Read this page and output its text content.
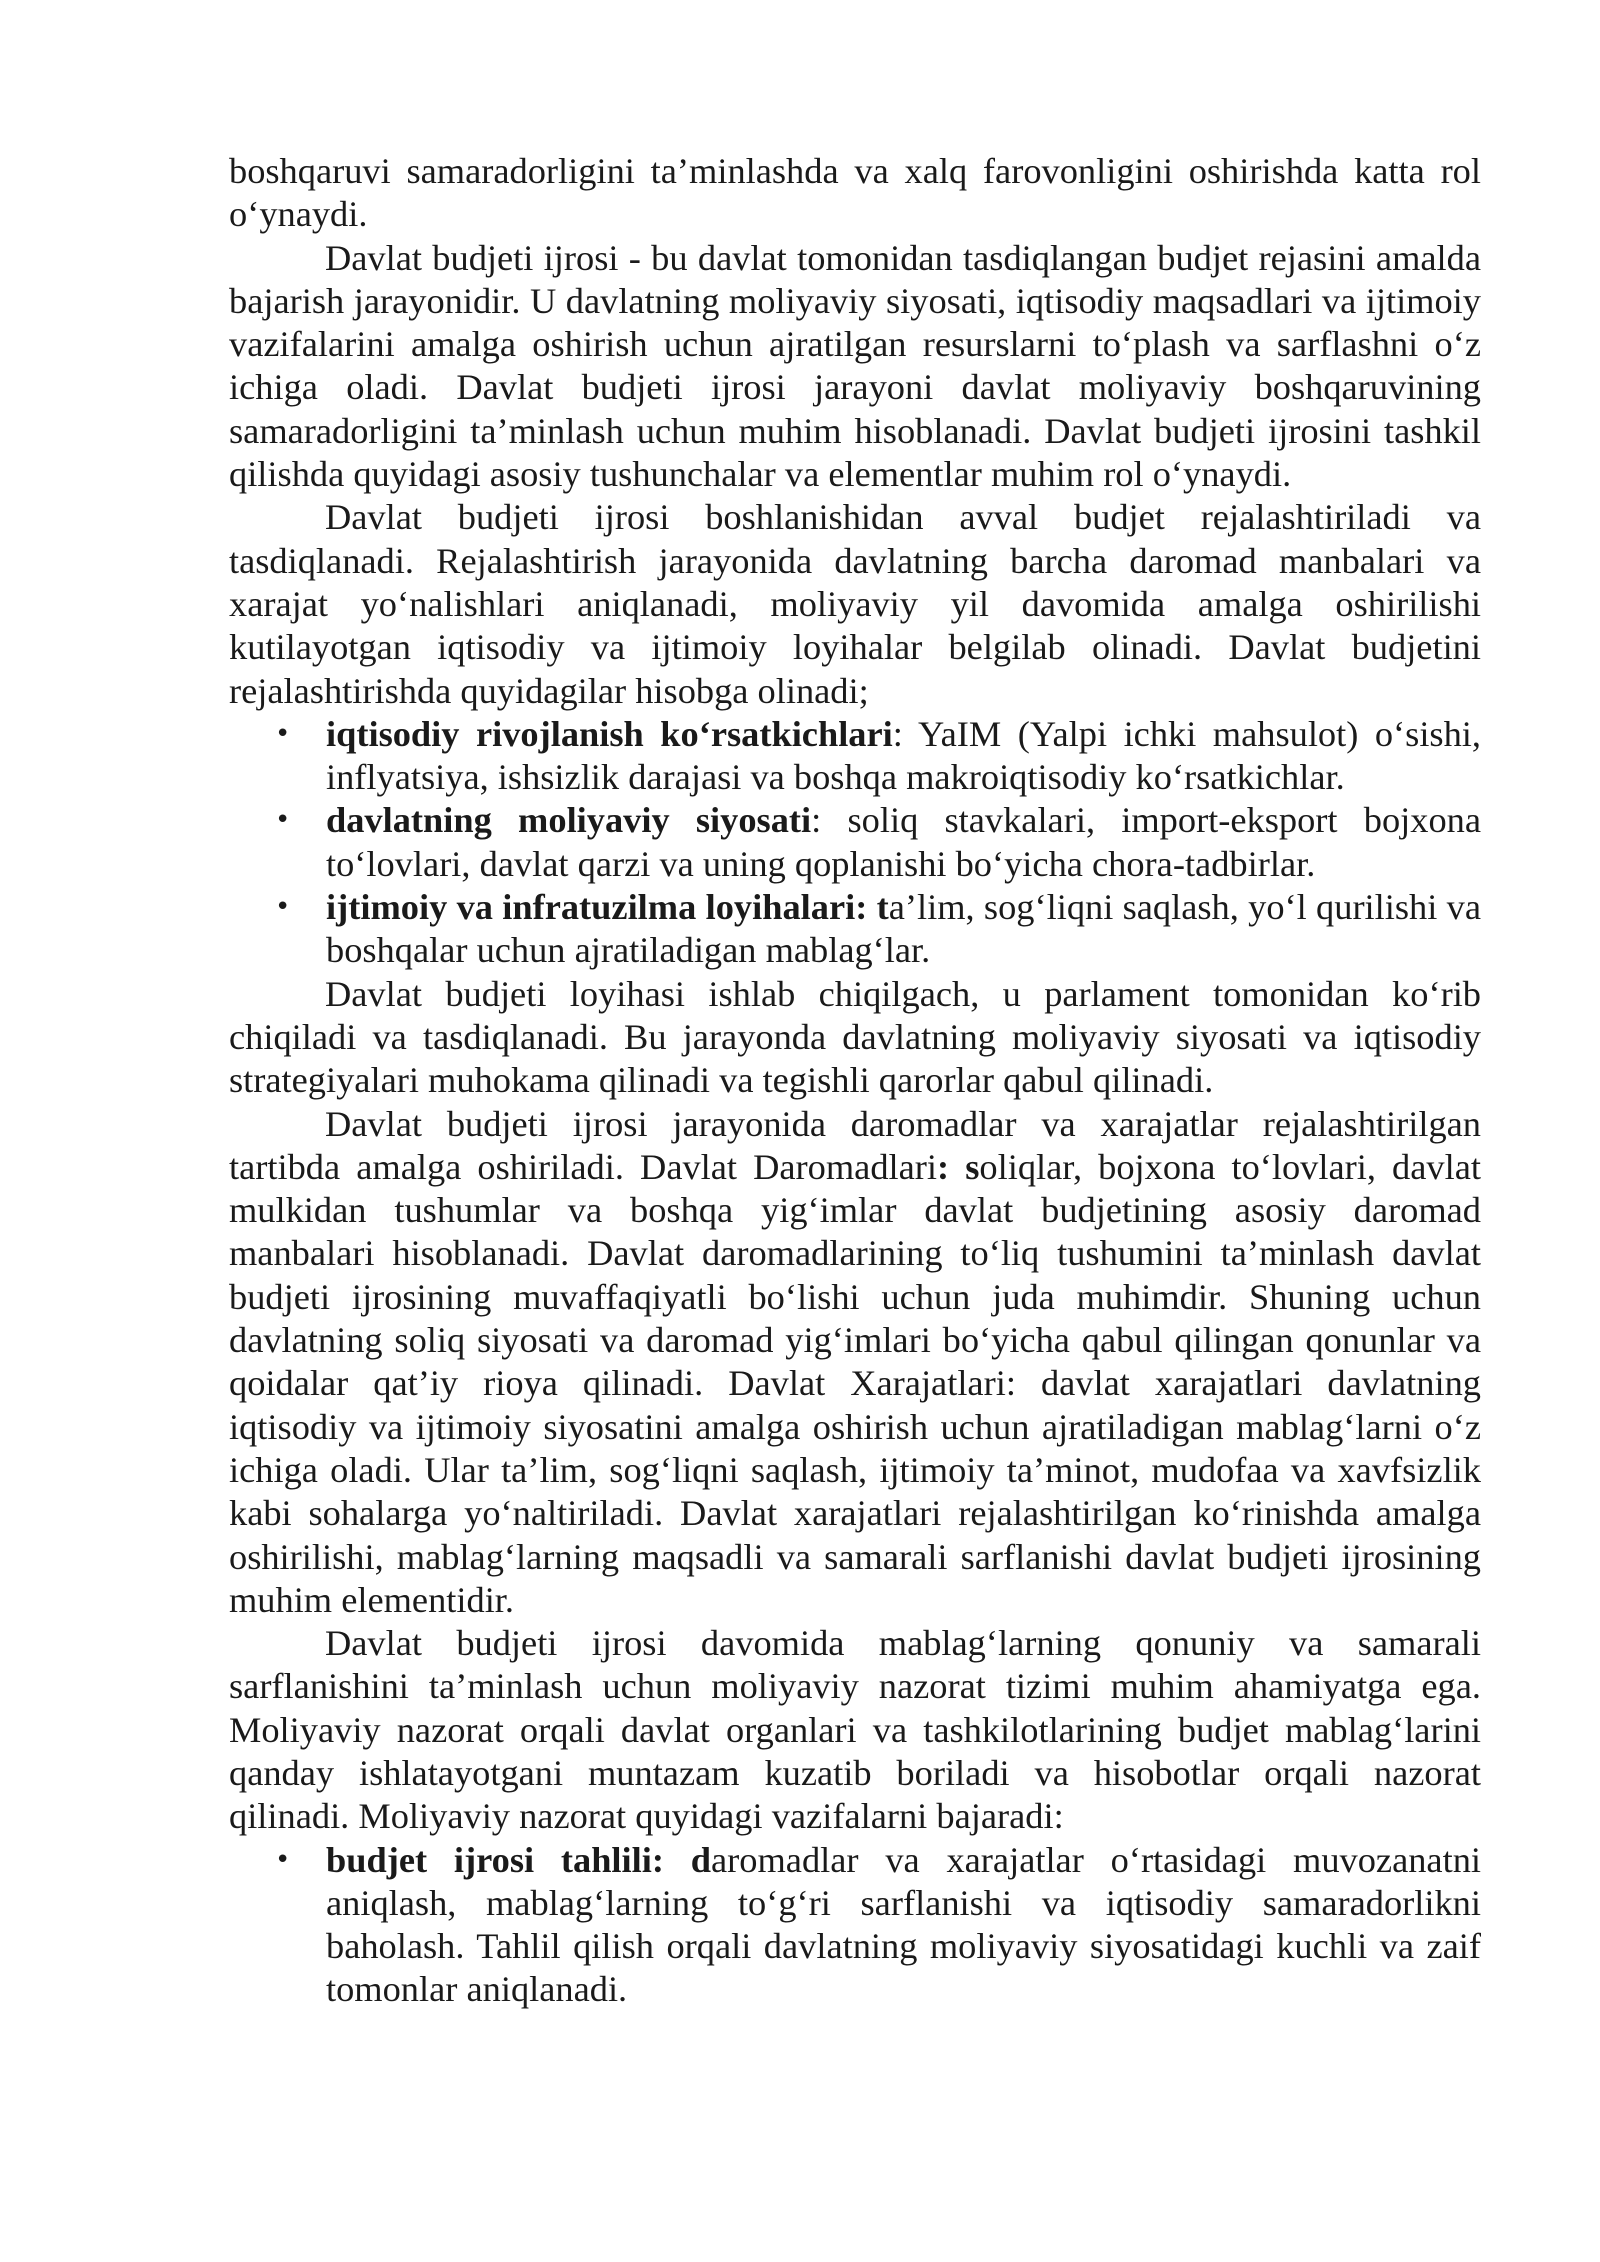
boshqaruvi samaradorligini ta’minlashda va xalq farovonligini oshirishda katta rol o‘ynaydi.

Davlat budjeti ijrosi - bu davlat tomonidan tasdiqlangan budjet rejasini amalda bajarish jarayonidir. U davlatning moliyaviy siyosati, iqtisodiy maqsadlari va ijtimoiy vazifalarini amalga oshirish uchun ajratilgan resurslarni to‘plash va sarflashni o‘z ichiga oladi. Davlat budjeti ijrosi jarayoni davlat moliyaviy boshqaruvining samaradorligini ta’minlash uchun muhim hisoblanadi. Davlat budjeti ijrosini tashkil qilishda quyidagi asosiy tushunchalar va elementlar muhim rol o‘ynaydi.

Davlat budjeti ijrosi boshlanishidan avval budjet rejalashtiriladi va tasdiqlanadi. Rejalashtirish jarayonida davlatning barcha daromad manbalari va xarajat yo‘nalishlari aniqlanadi, moliyaviy yil davomida amalga oshirilishi kutilayotgan iqtisodiy va ijtimoiy loyihalar belgilab olinadi. Davlat budjetini rejalashtirishda quyidagilar hisobga olinadi;

• iqtisodiy rivojlanish ko‘rsatkichlari: YaIM (Yalpi ichki mahsulot) o‘sishi, inflyatsiya, ishsizlik darajasi va boshqa makroiqtisodiy ko‘rsatkichlar.
• davlatning moliyaviy siyosati: soliq stavkalari, import-eksport bojxona to‘lovlari, davlat qarzi va uning qoplanishi bo‘yicha chora-tadbirlar.
• ijtimoiy va infratuzilma loyihalari: ta’lim, sog‘liqni saqlash, yo‘l qurilishi va boshqalar uchun ajratiladigan mablag‘lar.

Davlat budjeti loyihasi ishlab chiqilgach, u parlament tomonidan ko‘rib chiqiladi va tasdiqlanadi. Bu jarayonda davlatning moliyaviy siyosati va iqtisodiy strategiyalari muhokama qilinadi va tegishli qarorlar qabul qilinadi.

Davlat budjeti ijrosi jarayonida daromadlar va xarajatlar rejalashtirilgan tartibda amalga oshiriladi. Davlat Daromadlari: soliqlar, bojxona to‘lovlari, davlat mulkidan tushumlar va boshqa yig‘imlar davlat budjetining asosiy daromad manbalari hisoblanadi. Davlat daromadlarining to‘liq tushumini ta’minlash davlat budjeti ijrosining muvaffaqiyatli bo‘lishi uchun juda muhimdir. Shuning uchun davlatning soliq siyosati va daromad yig‘imlari bo‘yicha qabul qilingan qonunlar va qoidalar qat’iy rioya qilinadi. Davlat Xarajatlari: davlat xarajatlari davlatning iqtisodiy va ijtimoiy siyosatini amalga oshirish uchun ajratiladigan mablag‘larni o‘z ichiga oladi. Ular ta’lim, sog‘liqni saqlash, ijtimoiy ta’minot, mudofaa va xavfsizlik kabi sohalarga yo‘naltiriladi. Davlat xarajatlari rejalashtirilgan ko‘rinishda amalga oshirilishi, mablag‘larning maqsadli va samarali sarflanishi davlat budjeti ijrosining muhim elementidir.

Davlat budjeti ijrosi davomida mablag‘larning qonuniy va samarali sarflanishini ta’minlash uchun moliyaviy nazorat tizimi muhim ahamiyatga ega. Moliyaviy nazorat orqali davlat organlari va tashkilotlarining budjet mablag‘larini qanday ishlatayotgani muntazam kuzatib boriladi va hisobotlar orqali nazorat qilinadi. Moliyaviy nazorat quyidagi vazifalarni bajaradi:

• budjet ijrosi tahlili: daromadlar va xarajatlar o‘rtasidagi muvozanatni aniqlash, mablag‘larning to‘g‘ri sarflanishi va iqtisodiy samaradorlikni baholash. Tahlil qilish orqali davlatning moliyaviy siyosatidagi kuchli va zaif tomonlar aniqlanadi.
